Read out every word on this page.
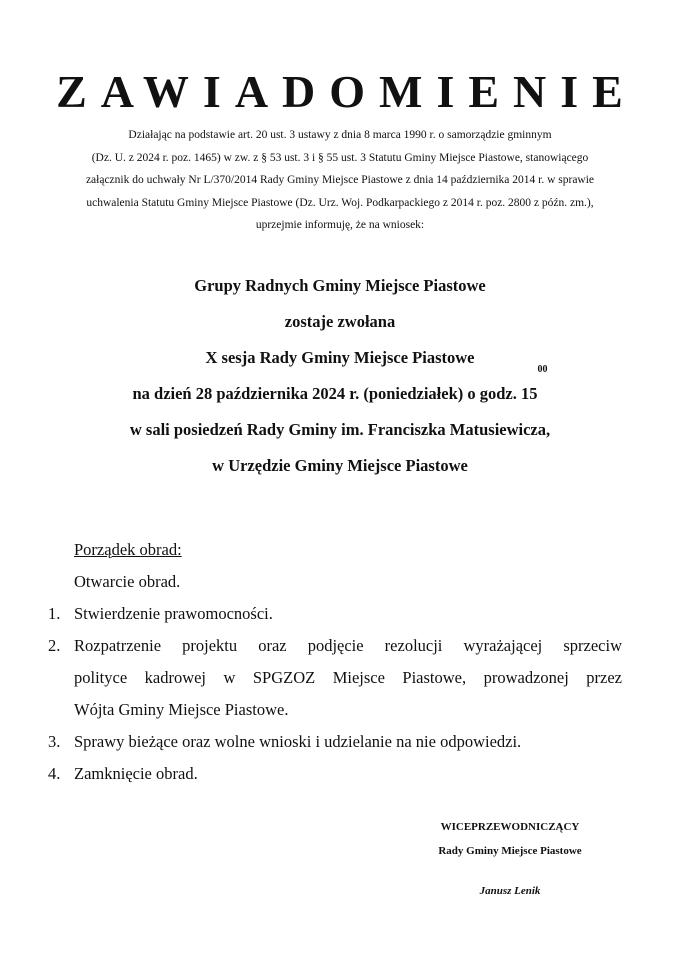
ZAWIADOMIENIE
Działając na podstawie art. 20 ust. 3 ustawy z dnia 8 marca 1990 r. o samorządzie gminnym
(Dz. U. z 2024 r. poz. 1465) w zw. z § 53 ust. 3 i § 55 ust. 3 Statutu Gminy Miejsce Piastowe, stanowiącego
załącznik do uchwały Nr L/370/2014 Rady Gminy Miejsce Piastowe z dnia 14 października 2014 r. w sprawie
uchwalenia Statutu Gminy Miejsce Piastowe (Dz. Urz. Woj. Podkarpackiego z 2014 r. poz. 2800 z późn. zm.),
uprzejmie informuję, że na wniosek:
Grupy Radnych Gminy Miejsce Piastowe
zostaje zwołana
X sesja Rady Gminy Miejsce Piastowe
na dzień 28 października 2024 r. (poniedziałek) o godz. $15^{00}$
w sali posiedzeń Rady Gminy im. Franciszka Matusiewicza,
w Urzędzie Gminy Miejsce Piastowe
Porządek obrad:
Otwarcie obrad.
1. Stwierdzenie prawomocności.
2. Rozpatrzenie projektu oraz podjęcie rezolucji wyrażającej sprzeciw
polityce kadrowej w SPGZOZ Miejsce Piastowe, prowadzonej przez
Wójta Gminy Miejsce Piastowe.
3. Sprawy bieżące oraz wolne wnioski i udzielanie na nie odpowiedzi.
4. Zamknięcie obrad.
WICEPRZEWODNICZĄCY
Rady Gminy Miejsce Piastowe
Janusz Lenik
